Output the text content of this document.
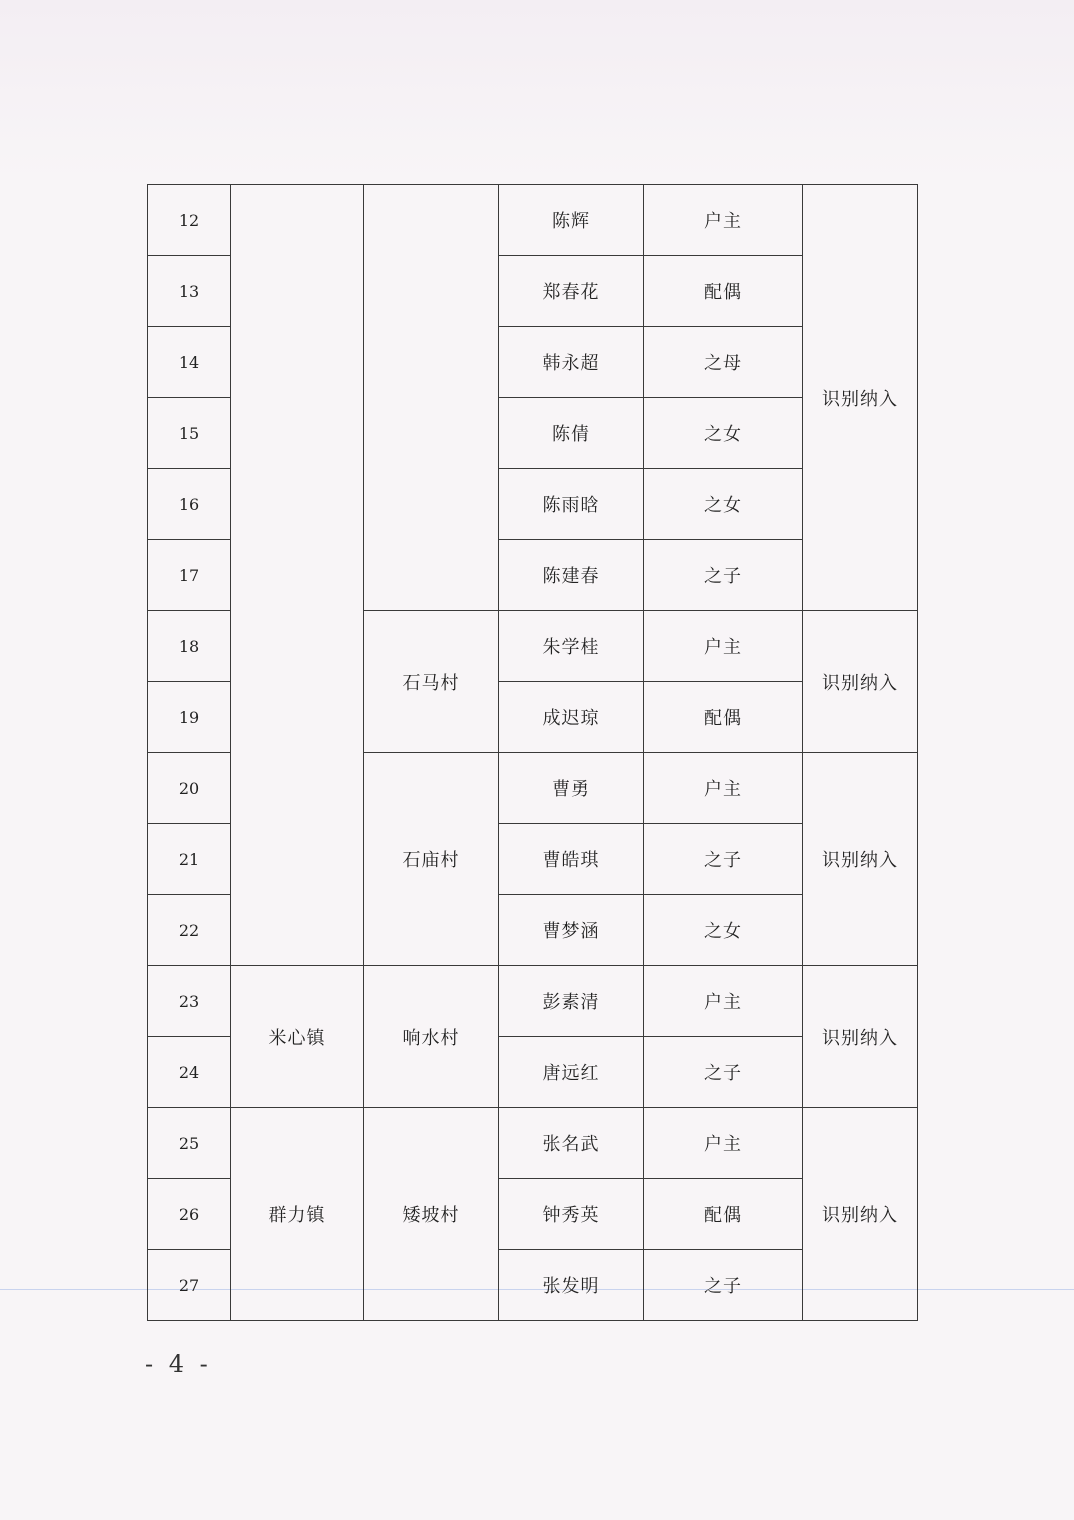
12			陈辉	户主	识别纳入
13			郑春花	配偶	
14			韩永超	之母	
15			陈倩	之女	
16			陈雨晗	之女	
17			陈建春	之子	
18		石马村	朱学桂	户主	识别纳入
19			成迟琼	配偶	
20		石庙村	曹勇	户主	识别纳入
21			曹皓琪	之子	
22			曹梦涵	之女	
23	米心镇	响水村	彭素清	户主	识别纳入
24			唐远红	之子	
25	群力镇	矮坡村	张名武	户主	识别纳入
26			钟秀英	配偶	
27			张发明	之子	
- 4 -
